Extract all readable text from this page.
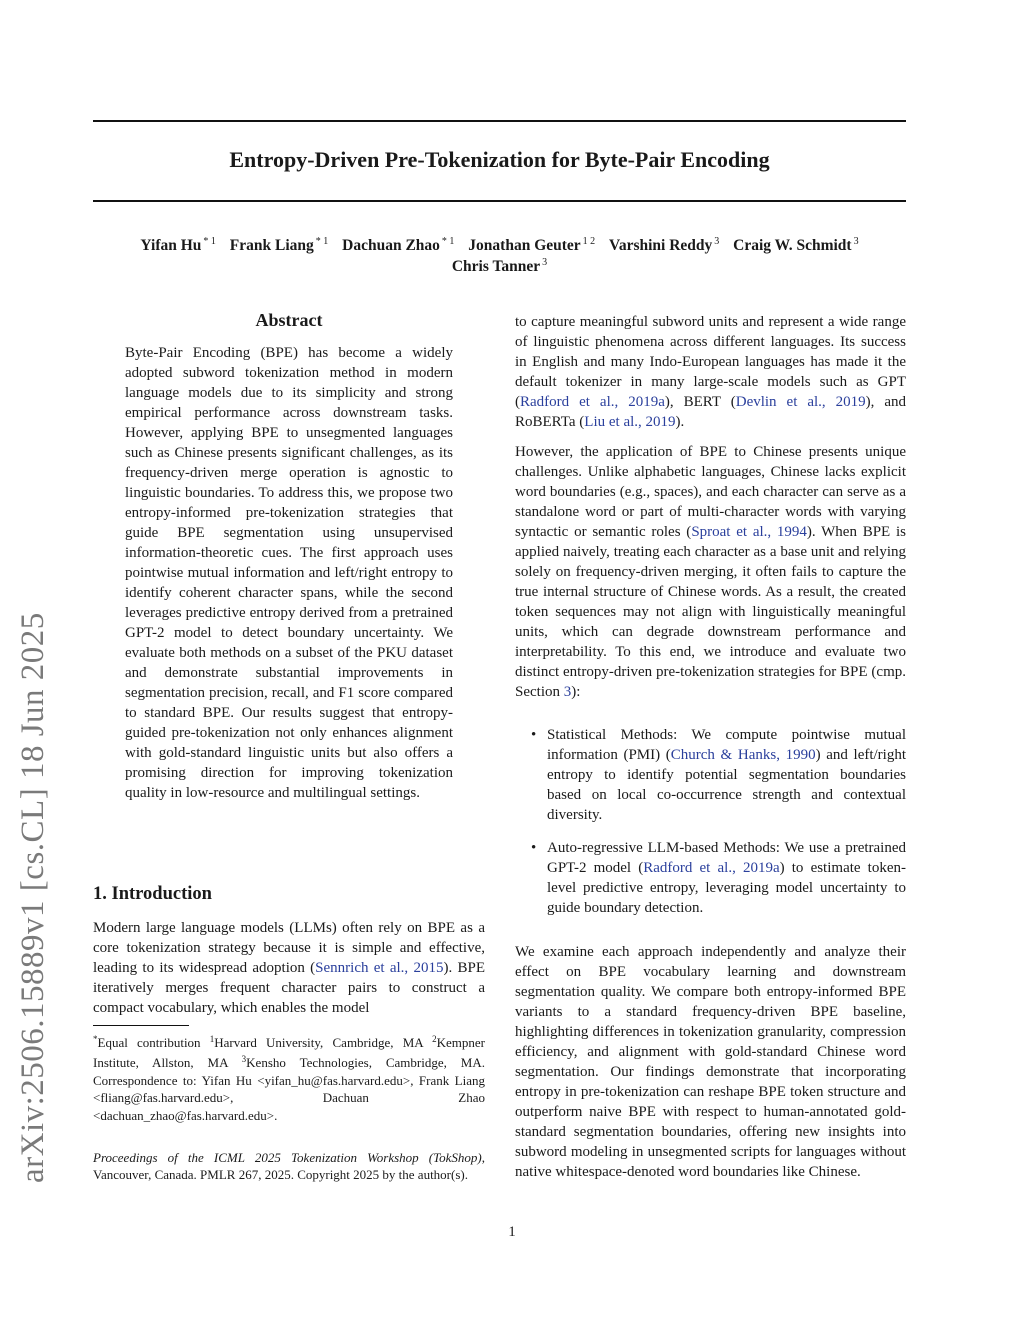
Entropy-Driven Pre-Tokenization for Byte-Pair Encoding
arXiv:2506.15889v1 [cs.CL] 18 Jun 2025
Yifan Hu $^{* 1}$ Frank Liang $^{* 1}$ Dachuan Zhao $^{* 1}$ Jonathan Geuter $^{1 2}$ Varshini Reddy $^3$ Craig W. Schmidt $^3$
Chris Tanner $^3$
Abstract
Byte-Pair Encoding (BPE) has become a widely adopted subword tokenization method in modern language models due to its simplicity and strong empirical performance across downstream tasks. However, applying BPE to unsegmented languages such as Chinese presents significant challenges, as its frequency-driven merge operation is agnostic to linguistic boundaries. To address this, we propose two entropy-informed pre-tokenization strategies that guide BPE segmentation using unsupervised information-theoretic cues. The first approach uses pointwise mutual information and left/right entropy to identify coherent character spans, while the second leverages predictive entropy derived from a pretrained GPT-2 model to detect boundary uncertainty. We evaluate both methods on a subset of the PKU dataset and demonstrate substantial improvements in segmentation precision, recall, and F1 score compared to standard BPE. Our results suggest that entropy-guided pre-tokenization not only enhances alignment with gold-standard linguistic units but also offers a promising direction for improving tokenization quality in low-resource and multilingual settings.
1. Introduction
Modern large language models (LLMs) often rely on BPE as a core tokenization strategy because it is simple and effective, leading to its widespread adoption (Sennrich et al., 2015). BPE iteratively merges frequent character pairs to construct a compact vocabulary, which enables the model
*Equal contribution $^1$Harvard University, Cambridge, MA $^2$Kempner Institute, Allston, MA $^3$Kensho Technologies, Cambridge, MA. Correspondence to: Yifan Hu <yifan_hu@fas.harvard.edu>, Frank Liang <fliang@fas.harvard.edu>, Dachuan Zhao <dachuan_zhao@fas.harvard.edu>.
Proceedings of the ICML 2025 Tokenization Workshop (TokShop), Vancouver, Canada. PMLR 267, 2025. Copyright 2025 by the author(s).
to capture meaningful subword units and represent a wide range of linguistic phenomena across different languages. Its success in English and many Indo-European languages has made it the default tokenizer in many large-scale models such as GPT (Radford et al., 2019a), BERT (Devlin et al., 2019), and RoBERTa (Liu et al., 2019).
However, the application of BPE to Chinese presents unique challenges. Unlike alphabetic languages, Chinese lacks explicit word boundaries (e.g., spaces), and each character can serve as a standalone word or part of multi-character words with varying syntactic or semantic roles (Sproat et al., 1994). When BPE is applied naively, treating each character as a base unit and relying solely on frequency-driven merging, it often fails to capture the true internal structure of Chinese words. As a result, the created token sequences may not align with linguistically meaningful units, which can degrade downstream performance and interpretability. To this end, we introduce and evaluate two distinct entropy-driven pre-tokenization strategies for BPE (cmp. Section 3):
• Statistical Methods: We compute pointwise mutual information (PMI) (Church & Hanks, 1990) and left/right entropy to identify potential segmentation boundaries based on local co-occurrence strength and contextual diversity.
• Auto-regressive LLM-based Methods: We use a pretrained GPT-2 model (Radford et al., 2019a) to estimate token-level predictive entropy, leveraging model uncertainty to guide boundary detection.
We examine each approach independently and analyze their effect on BPE vocabulary learning and downstream segmentation quality. We compare both entropy-informed BPE variants to a standard frequency-driven BPE baseline, highlighting differences in tokenization granularity, compression efficiency, and alignment with gold-standard Chinese word segmentation. Our findings demonstrate that incorporating entropy in pre-tokenization can reshape BPE token structure and outperform naive BPE with respect to human-annotated gold-standard segmentation boundaries, offering new insights into subword modeling in unsegmented scripts for languages without native whitespace-denoted word boundaries like Chinese.
1
